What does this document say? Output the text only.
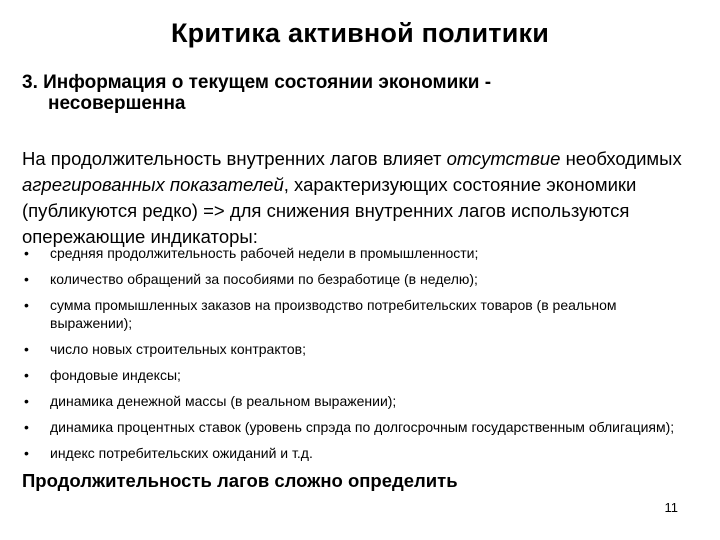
Критика активной политики
3. Информация о текущем состоянии экономики -
несовершенна
На продолжительность внутренних лагов влияет отсутствие необходимых агрегированных показателей, характеризующих состояние экономики (публикуются редко) => для снижения внутренних лагов используются опережающие индикаторы:
• средняя продолжительность рабочей недели в промышленности;
• количество обращений за пособиями по безработице (в неделю);
• сумма промышленных заказов на производство потребительских товаров (в реальном выражении);
• число новых строительных контрактов;
• фондовые индексы;
• динамика денежной массы (в реальном выражении);
• динамика процентных ставок (уровень спрэда по долгосрочным государственным облигациям);
• индекс потребительских ожиданий и т.д.
Продолжительность лагов сложно определить
11
